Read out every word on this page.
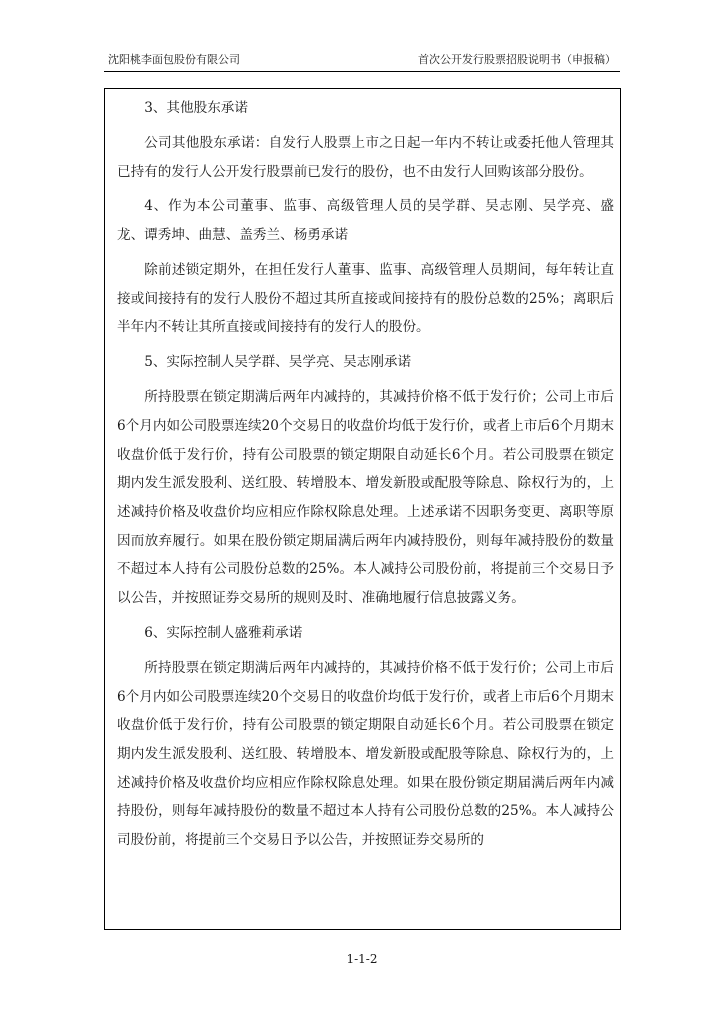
沈阳桃李面包股份有限公司	首次公开发行股票招股说明书（申报稿）

3、其他股东承诺

公司其他股东承诺：自发行人股票上市之日起一年内不转让或委托他人管理其已持有的发行人公开发行股票前已发行的股份，也不由发行人回购该部分股份。

4、作为本公司董事、监事、高级管理人员的吴学群、吴志刚、吴学亮、盛龙、谭秀坤、曲慧、盖秀兰、杨勇承诺

除前述锁定期外，在担任发行人董事、监事、高级管理人员期间，每年转让直接或间接持有的发行人股份不超过其所直接或间接持有的股份总数的25%；离职后半年内不转让其所直接或间接持有的发行人的股份。

5、实际控制人吴学群、吴学亮、吴志刚承诺

所持股票在锁定期满后两年内减持的，其减持价格不低于发行价；公司上市后6个月内如公司股票连续20个交易日的收盘价均低于发行价，或者上市后6个月期末收盘价低于发行价，持有公司股票的锁定期限自动延长6个月。若公司股票在锁定期内发生派发股利、送红股、转增股本、增发新股或配股等除息、除权行为的，上述减持价格及收盘价均应相应作除权除息处理。上述承诺不因职务变更、离职等原因而放弃履行。如果在股份锁定期届满后两年内减持股份，则每年减持股份的数量不超过本人持有公司股份总数的25%。本人减持公司股份前，将提前三个交易日予以公告，并按照证券交易所的规则及时、准确地履行信息披露义务。

6、实际控制人盛雅莉承诺

所持股票在锁定期满后两年内减持的，其减持价格不低于发行价；公司上市后6个月内如公司股票连续20个交易日的收盘价均低于发行价，或者上市后6个月期末收盘价低于发行价，持有公司股票的锁定期限自动延长6个月。若公司股票在锁定期内发生派发股利、送红股、转增股本、增发新股或配股等除息、除权行为的，上述减持价格及收盘价均应相应作除权除息处理。如果在股份锁定期届满后两年内减持股份，则每年减持股份的数量不超过本人持有公司股份总数的25%。本人减持公司股份前，将提前三个交易日予以公告，并按照证券交易所的

1-1-2
